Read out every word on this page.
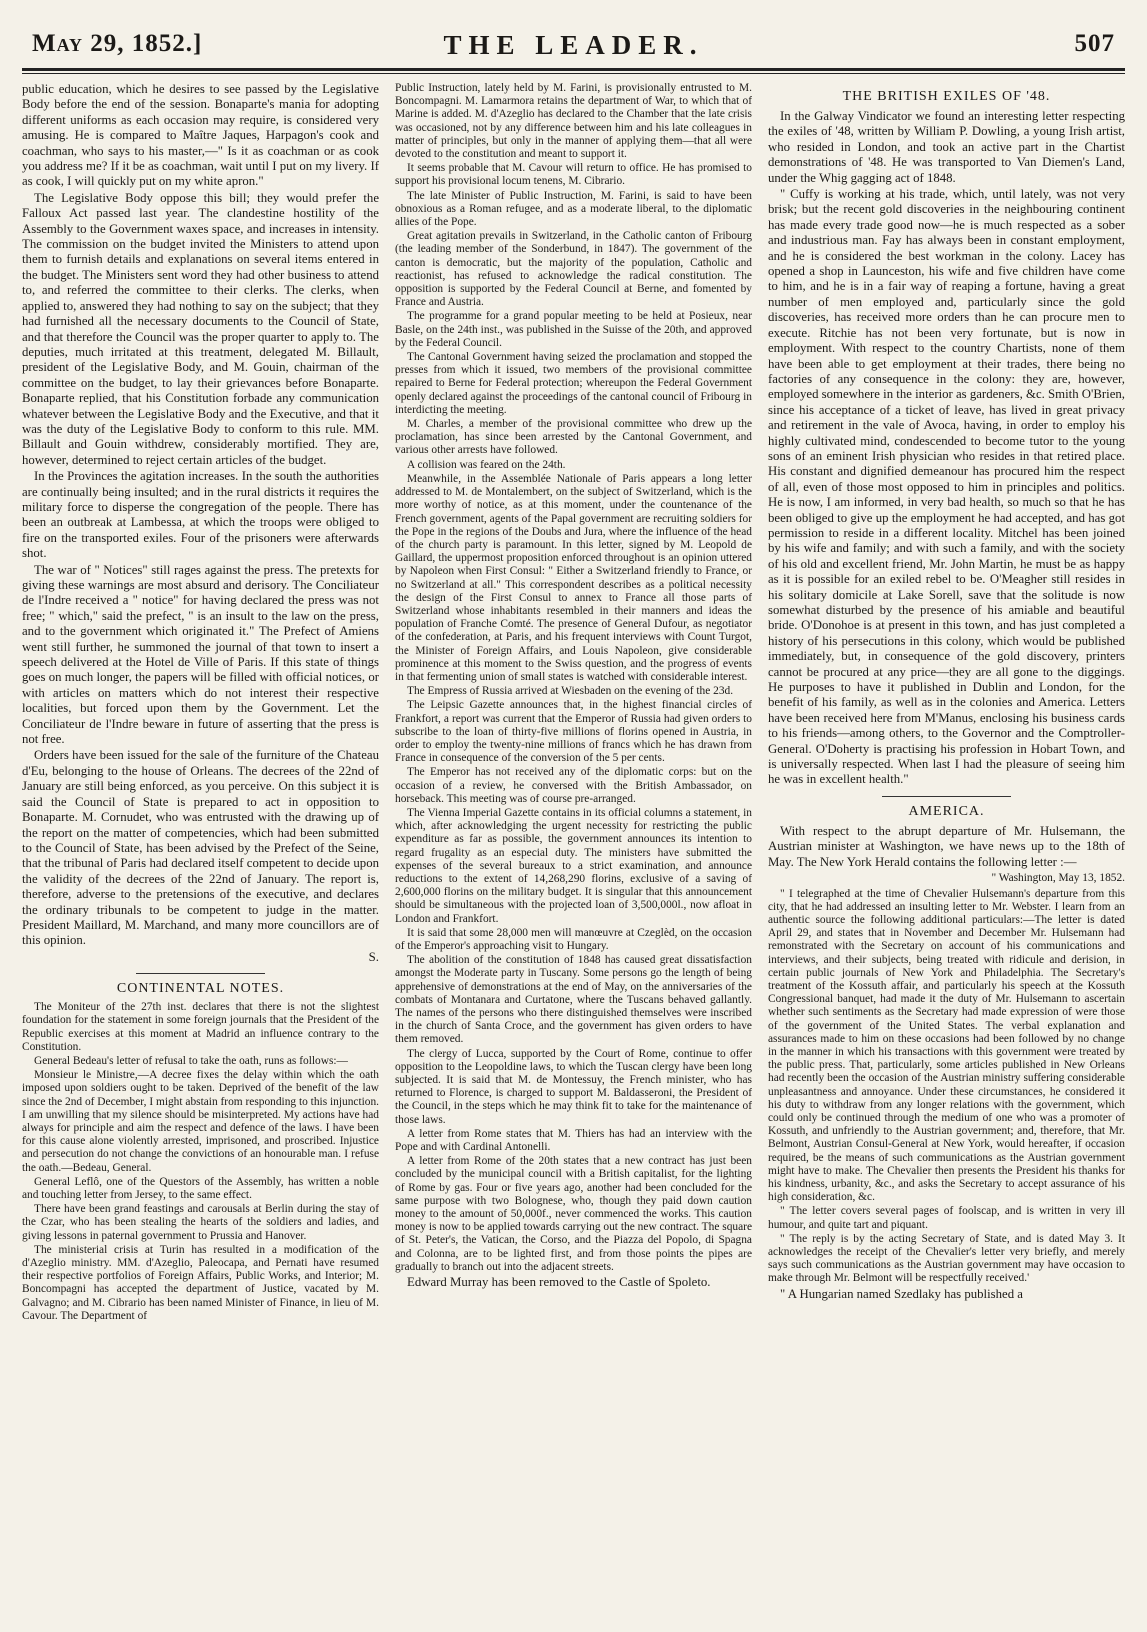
May 29, 1852.]	THE LEADER.	507

public education, which he desires to see passed by the Legislative Body before the end of the session. Bonaparte's mania for adopting different uniforms as each occasion may require, is considered very amusing. He is compared to Maître Jaques, Harpagon's cook and coachman, who says to his master,—" Is it as coachman or as cook you address me? If it be as coachman, wait until I put on my livery. If as cook, I will quickly put on my white apron."

The Legislative Body oppose this bill; they would prefer the Falloux Act passed last year. The clandestine hostility of the Assembly to the Government waxes space, and increases in intensity. The commission on the budget invited the Ministers to attend upon them to furnish details and explanations on several items entered in the budget. The Ministers sent word they had other business to attend to, and referred the committee to their clerks. The clerks, when applied to, answered they had nothing to say on the subject; that they had furnished all the necessary documents to the Council of State, and that therefore the Council was the proper quarter to apply to. The deputies, much irritated at this treatment, delegated M. Billault, president of the Legislative Body, and M. Gouin, chairman of the committee on the budget, to lay their grievances before Bonaparte. Bonaparte replied, that his Constitution forbade any communication whatever between the Legislative Body and the Executive, and that it was the duty of the Legislative Body to conform to this rule. MM. Billault and Gouin withdrew, considerably mortified. They are, however, determined to reject certain articles of the budget.

In the Provinces the agitation increases. In the south the authorities are continually being insulted; and in the rural districts it requires the military force to disperse the congregation of the people. There has been an outbreak at Lambessa, at which the troops were obliged to fire on the transported exiles. Four of the prisoners were afterwards shot.

The war of " Notices" still rages against the press. The pretexts for giving these warnings are most absurd and derisory. The Conciliateur de l'Indre received a " notice" for having declared the press was not free; " which," said the prefect, " is an insult to the law on the press, and to the government which originated it." The Prefect of Amiens went still further, he summoned the journal of that town to insert a speech delivered at the Hotel de Ville of Paris. If this state of things goes on much longer, the papers will be filled with official notices, or with articles on matters which do not interest their respective localities, but forced upon them by the Government. Let the Conciliateur de l'Indre beware in future of asserting that the press is not free.

Orders have been issued for the sale of the furniture of the Chateau d'Eu, belonging to the house of Orleans. The decrees of the 22nd of January are still being enforced, as you perceive. On this subject it is said the Council of State is prepared to act in opposition to Bonaparte. M. Cornudet, who was entrusted with the drawing up of the report on the matter of competencies, which had been submitted to the Council of State, has been advised by the Prefect of the Seine, that the tribunal of Paris had declared itself competent to decide upon the validity of the decrees of the 22nd of January. The report is, therefore, adverse to the pretensions of the executive, and declares the ordinary tribunals to be competent to judge in the matter. President Maillard, M. Marchand, and many more councillors are of this opinion.

S.

CONTINENTAL NOTES.

The Moniteur of the 27th inst. declares that there is not the slightest foundation for the statement in some foreign journals that the President of the Republic exercises at this moment at Madrid an influence contrary to the Constitution.

General Bedeau's letter of refusal to take the oath, runs as follows:—

Monsieur le Ministre,—A decree fixes the delay within which the oath imposed upon soldiers ought to be taken. Deprived of the benefit of the law since the 2nd of December, I might abstain from responding to this injunction. I am unwilling that my silence should be misinterpreted. My actions have had always for principle and aim the respect and defence of the laws. I have been for this cause alone violently arrested, imprisoned, and proscribed. Injustice and persecution do not change the convictions of an honourable man. I refuse the oath.—Bedeau, General.

General Leflô, one of the Questors of the Assembly, has written a noble and touching letter from Jersey, to the same effect.

There have been grand feastings and carousals at Berlin during the stay of the Czar, who has been stealing the hearts of the soldiers and ladies, and giving lessons in paternal government to Prussia and Hanover.

The ministerial crisis at Turin has resulted in a modification of the d'Azeglio ministry. MM. d'Azeglio, Paleocapa, and Pernati have resumed their respective portfolios of Foreign Affairs, Public Works, and Interior; M. Boncompagni has accepted the department of Justice, vacated by M. Galvagno; and M. Cibrario has been named Minister of Finance, in lieu of M. Cavour. The Department of

Public Instruction, lately held by M. Farini, is provisionally entrusted to M. Boncompagni. M. Lamarmora retains the department of War, to which that of Marine is added. M. d'Azeglio has declared to the Chamber that the late crisis was occasioned, not by any difference between him and his late colleagues in matter of principles, but only in the manner of applying them—that all were devoted to the constitution and meant to support it.

It seems probable that M. Cavour will return to office. He has promised to support his provisional locum tenens, M. Cibrario.

The late Minister of Public Instruction, M. Farini, is said to have been obnoxious as a Roman refugee, and as a moderate liberal, to the diplomatic allies of the Pope.

Great agitation prevails in Switzerland, in the Catholic canton of Fribourg (the leading member of the Sonderbund, in 1847). The government of the canton is democratic, but the majority of the population, Catholic and reactionist, has refused to acknowledge the radical constitution. The opposition is supported by the Federal Council at Berne, and fomented by France and Austria.

The programme for a grand popular meeting to be held at Posieux, near Basle, on the 24th inst., was published in the Suisse of the 20th, and approved by the Federal Council.

The Cantonal Government having seized the proclamation and stopped the presses from which it issued, two members of the provisional committee repaired to Berne for Federal protection; whereupon the Federal Government openly declared against the proceedings of the cantonal council of Fribourg in interdicting the meeting.

M. Charles, a member of the provisional committee who drew up the proclamation, has since been arrested by the Cantonal Government, and various other arrests have followed.

A collision was feared on the 24th.

Meanwhile, in the Assemblée Nationale of Paris appears a long letter addressed to M. de Montalembert, on the subject of Switzerland, which is the more worthy of notice, as at this moment, under the countenance of the French government, agents of the Papal government are recruiting soldiers for the Pope in the regions of the Doubs and Jura, where the influence of the head of the church party is paramount. In this letter, signed by M. Leopold de Gaillard, the uppermost proposition enforced throughout is an opinion uttered by Napoleon when First Consul: " Either a Switzerland friendly to France, or no Switzerland at all." This correspondent describes as a political necessity the design of the First Consul to annex to France all those parts of Switzerland whose inhabitants resembled in their manners and ideas the population of Franche Comté. The presence of General Dufour, as negotiator of the confederation, at Paris, and his frequent interviews with Count Turgot, the Minister of Foreign Affairs, and Louis Napoleon, give considerable prominence at this moment to the Swiss question, and the progress of events in that fermenting union of small states is watched with considerable interest.

The Empress of Russia arrived at Wiesbaden on the evening of the 23d.

The Leipsic Gazette announces that, in the highest financial circles of Frankfort, a report was current that the Emperor of Russia had given orders to subscribe to the loan of thirty-five millions of florins opened in Austria, in order to employ the twenty-nine millions of francs which he has drawn from France in consequence of the conversion of the 5 per cents.

The Emperor has not received any of the diplomatic corps: but on the occasion of a review, he conversed with the British Ambassador, on horseback. This meeting was of course pre-arranged.

The Vienna Imperial Gazette contains in its official columns a statement, in which, after acknowledging the urgent necessity for restricting the public expenditure as far as possible, the government announces its intention to regard frugality as an especial duty. The ministers have submitted the expenses of the several bureaux to a strict examination, and announce reductions to the extent of 14,268,290 florins, exclusive of a saving of 2,600,000 florins on the military budget. It is singular that this announcement should be simultaneous with the projected loan of 3,500,000l., now afloat in London and Frankfort.

It is said that some 28,000 men will manœuvre at Czeglèd, on the occasion of the Emperor's approaching visit to Hungary.

The abolition of the constitution of 1848 has caused great dissatisfaction amongst the Moderate party in Tuscany. Some persons go the length of being apprehensive of demonstrations at the end of May, on the anniversaries of the combats of Montanara and Curtatone, where the Tuscans behaved gallantly. The names of the persons who there distinguished themselves were inscribed in the church of Santa Croce, and the government has given orders to have them removed.

The clergy of Lucca, supported by the Court of Rome, continue to offer opposition to the Leopoldine laws, to which the Tuscan clergy have been long subjected. It is said that M. de Montessuy, the French minister, who has returned to Florence, is charged to support M. Baldasseroni, the President of the Council, in the steps which he may think fit to take for the maintenance of those laws.

A letter from Rome states that M. Thiers has had an interview with the Pope and with Cardinal Antonelli.

A letter from Rome of the 20th states that a new contract has just been concluded by the municipal council with a British capitalist, for the lighting of Rome by gas. Four or five years ago, another had been concluded for the same purpose with two Bolognese, who, though they paid down caution money to the amount of 50,000f., never commenced the works. This caution money is now to be applied towards carrying out the new contract. The square of St. Peter's, the Vatican, the Corso, and the Piazza del Popolo, di Spagna and Colonna, are to be lighted first, and from those points the pipes are gradually to branch out into the adjacent streets.

Edward Murray has been removed to the Castle of Spoleto.

THE BRITISH EXILES OF '48.

In the Galway Vindicator we found an interesting letter respecting the exiles of '48, written by William P. Dowling, a young Irish artist, who resided in London, and took an active part in the Chartist demonstrations of '48. He was transported to Van Diemen's Land, under the Whig gagging act of 1848.

" Cuffy is working at his trade, which, until lately, was not very brisk; but the recent gold discoveries in the neighbouring continent has made every trade good now—he is much respected as a sober and industrious man. Fay has always been in constant employment, and he is considered the best workman in the colony. Lacey has opened a shop in Launceston, his wife and five children have come to him, and he is in a fair way of reaping a fortune, having a great number of men employed and, particularly since the gold discoveries, has received more orders than he can procure men to execute. Ritchie has not been very fortunate, but is now in employment. With respect to the country Chartists, none of them have been able to get employment at their trades, there being no factories of any consequence in the colony: they are, however, employed somewhere in the interior as gardeners, &c. Smith O'Brien, since his acceptance of a ticket of leave, has lived in great privacy and retirement in the vale of Avoca, having, in order to employ his highly cultivated mind, condescended to become tutor to the young sons of an eminent Irish physician who resides in that retired place. His constant and dignified demeanour has procured him the respect of all, even of those most opposed to him in principles and politics. He is now, I am informed, in very bad health, so much so that he has been obliged to give up the employment he had accepted, and has got permission to reside in a different locality. Mitchel has been joined by his wife and family; and with such a family, and with the society of his old and excellent friend, Mr. John Martin, he must be as happy as it is possible for an exiled rebel to be. O'Meagher still resides in his solitary domicile at Lake Sorell, save that the solitude is now somewhat disturbed by the presence of his amiable and beautiful bride. O'Donohoe is at present in this town, and has just completed a history of his persecutions in this colony, which would be published immediately, but, in consequence of the gold discovery, printers cannot be procured at any price—they are all gone to the diggings. He purposes to have it published in Dublin and London, for the benefit of his family, as well as in the colonies and America. Letters have been received here from M'Manus, enclosing his business cards to his friends—among others, to the Governor and the Comptroller-General. O'Doherty is practising his profession in Hobart Town, and is universally respected. When last I had the pleasure of seeing him he was in excellent health."

AMERICA.

With respect to the abrupt departure of Mr. Hulsemann, the Austrian minister at Washington, we have news up to the 18th of May. The New York Herald contains the following letter :—

" Washington, May 13, 1852.

" I telegraphed at the time of Chevalier Hulsemann's departure from this city, that he had addressed an insulting letter to Mr. Webster. I learn from an authentic source the following additional particulars:—The letter is dated April 29, and states that in November and December Mr. Hulsemann had remonstrated with the Secretary on account of his communications and interviews, and their subjects, being treated with ridicule and derision, in certain public journals of New York and Philadelphia. The Secretary's treatment of the Kossuth affair, and particularly his speech at the Kossuth Congressional banquet, had made it the duty of Mr. Hulsemann to ascertain whether such sentiments as the Secretary had made expression of were those of the government of the United States. The verbal explanation and assurances made to him on these occasions had been followed by no change in the manner in which his transactions with this government were treated by the public press. That, particularly, some articles published in New Orleans had recently been the occasion of the Austrian ministry suffering considerable unpleasantness and annoyance. Under these circumstances, he considered it his duty to withdraw from any longer relations with the government, which could only be continued through the medium of one who was a promoter of Kossuth, and unfriendly to the Austrian government; and, therefore, that Mr. Belmont, Austrian Consul-General at New York, would hereafter, if occasion required, be the means of such communications as the Austrian government might have to make. The Chevalier then presents the President his thanks for his kindness, urbanity, &c., and asks the Secretary to accept assurance of his high consideration, &c.

" The letter covers several pages of foolscap, and is written in very ill humour, and quite tart and piquant.

" The reply is by the acting Secretary of State, and is dated May 3. It acknowledges the receipt of the Chevalier's letter very briefly, and merely says such communications as the Austrian government may have occasion to make through Mr. Belmont will be respectfully received.'

" A Hungarian named Szedlaky has published a
